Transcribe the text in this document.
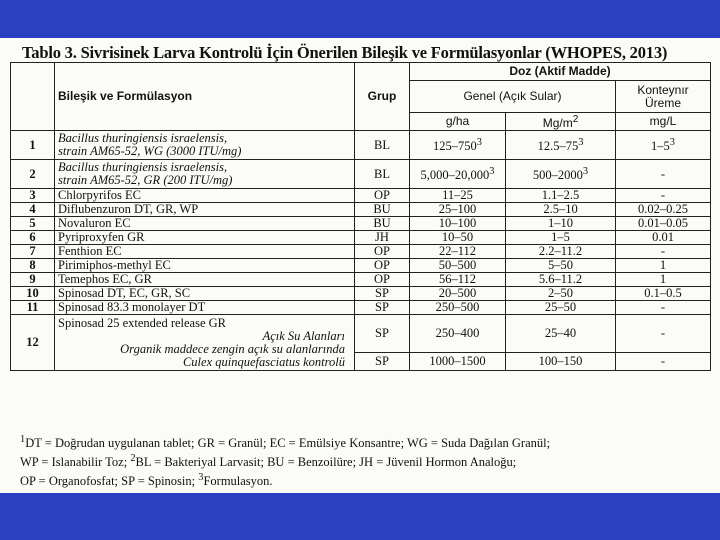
Tablo 3. Sivrisinek Larva Kontrolü İçin Önerilen Bileşik ve Formülasyonlar (WHOPES, 2013)
	Bileşik ve Formülasyon	Grup	Doz (Aktif Madde)		
			Genel (Açık Sular)		Konteynır
Üreme

			g/ha	$Mg/m^2$	mg/L
1	Bacillus thuringiensis israelensis,
strain AM65-52, WG (3000 ITU/mg)	BL	$125-750^3$	$12.5-75^3$	$1-5^3$
2	Bacillus thuringiensis israelensis,
strain AM65-52, GR (200 ITU/mg)	BL	5,000–20,000$^3$	500–2000$^3$	-
3	Chlorpyrifos EC	OP	11–25	1.1–2.5	-
4	Diflubenzuron DT, GR, WP	BU	25–100	2.5–10	0.02–0.25
5	Novaluron EC	BU	10–100	1–10	0.01–0.05
6	Pyriproxyfen GR	JH	10–50	1–5	0.01
7	Fenthion EC	OP	22–112	2.2–11.2	-
8	Pirimiphos-methyl EC	OP	50–500	5–50	1
9	Temephos EC, GR	OP	56–112	5.6–11.2	1
10	Spinosad DT, EC, GR, SC	SP	20–500	2–50	0.1–0.5
11	Spinosad 83.3 monolayer DT	SP	250–500	25–50	-
12	Spinosad 25 extended release GR
Açık Su Alanları
Organik maddece zengin açık su alanlarında
Culex quinquefasciatus kontrolü	SP	250–400	25–40	-
		SP	1000–1500	100–150	-
$^1$DT = Doğrudan uygulanan tablet; GR = Granül; EC = Emülsiye Konsantre; WG = Suda Dağılan Granül;
WP = Islanabilir Toz; $^2$BL = Bakteriyal Larvasit; BU = Benzoilüre; JH = Jüvenil Hormon Analoğu;
OP = Organofosfat; SP = Spinosin; $^3$Formulasyon.
